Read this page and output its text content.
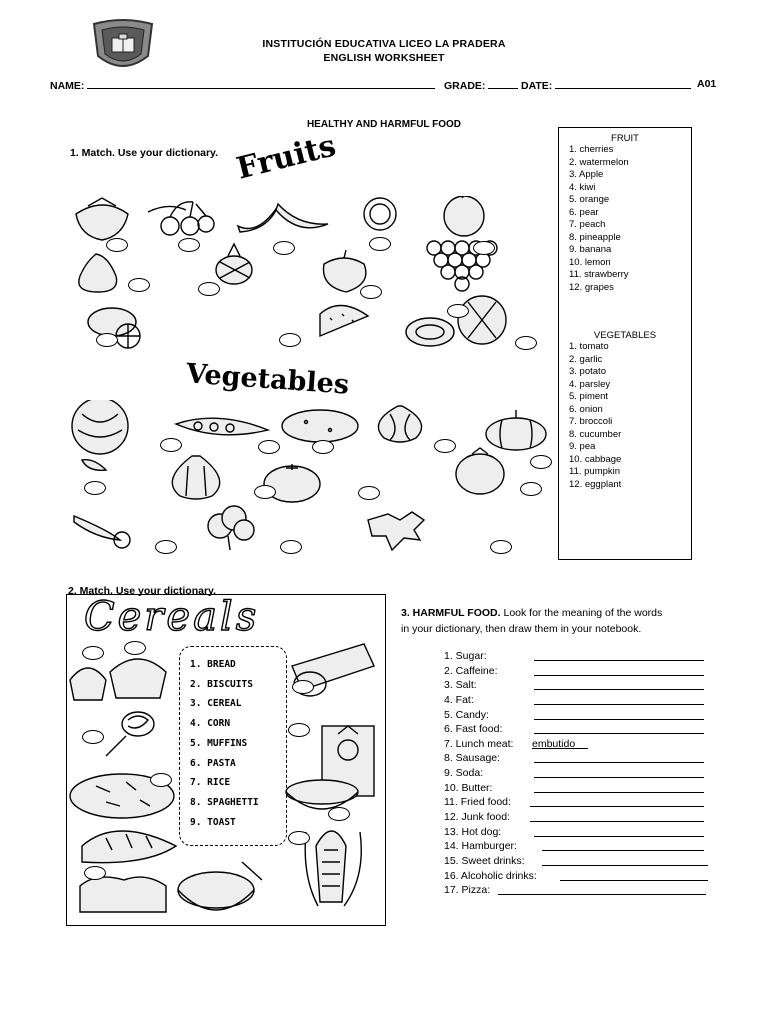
INSTITUCIÓN EDUCATIVA LICEO LA PRADERA
ENGLISH WORKSHEET
NAME:	GRADE:	DATE:	A01
HEALTHY AND HARMFUL FOOD
1. Match. Use your dictionary. Fruits
Vegetables
FRUIT
1. cherries
2. watermelon
3. Apple
4. kiwi
5. orange
6. pear
7. peach
8. pineapple
9. banana
10. lemon
11. strawberry
12. grapes
VEGETABLES
1. tomato
2. garlic
3. potato
4. parsley
5. piment
6. onion
7. broccoli
8. cucumber
9. pea
10. cabbage
11. pumpkin
12. eggplant
2. Match. Use your dictionary.
Cereals
1. BREAD
2. BISCUITS
3. CEREAL
4. CORN
5. MUFFINS
6. PASTA
7. RICE
8. SPAGHETTI
9. TOAST
3. HARMFUL FOOD. Look for the meaning of the words
in your dictionary, then draw them in your notebook.
1. Sugar:
2. Caffeine:
3. Salt:
4. Fat:
5. Candy:
6. Fast food:
7. Lunch meat: embutido
8. Sausage:
9. Soda:
10. Butter:
11. Fried food:
12. Junk food:
13. Hot dog:
14. Hamburger:
15. Sweet drinks:
16. Alcoholic drinks:
17. Pizza:
